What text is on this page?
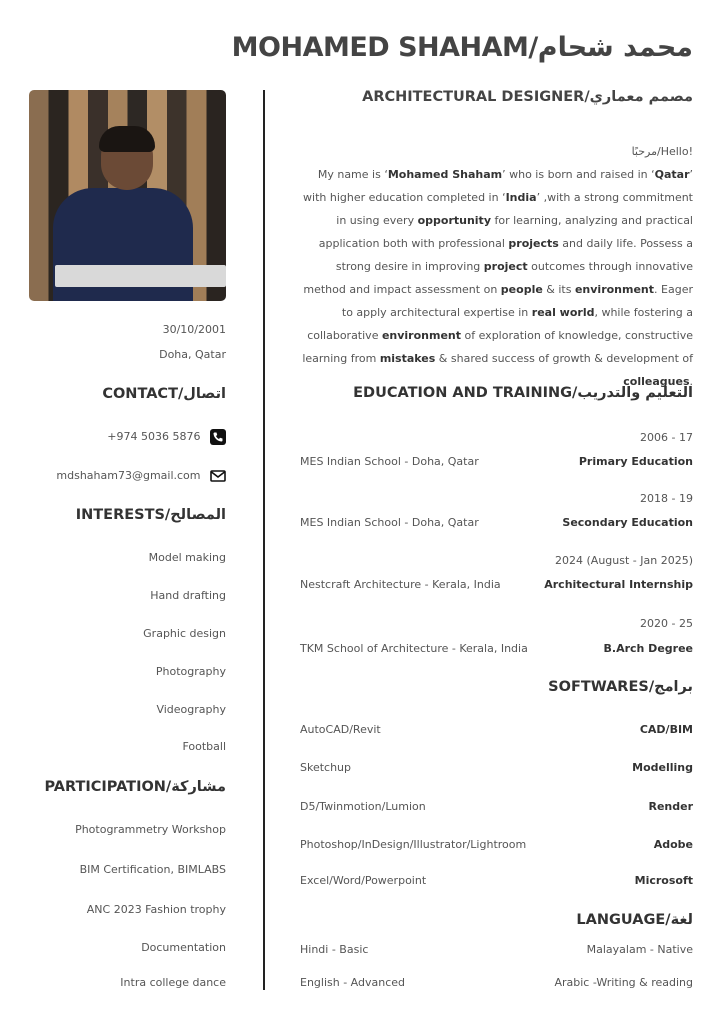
MOHAMED SHAHAM/محمد شحام
ARCHITECTURAL DESIGNER/مصمم معماري
30/10/2001
Doha, Qatar
CONTACT/اتصال
+974 5036 5876
mdshaham73@gmail.com
INTERESTS/المصالح
Model making
Hand drafting
Graphic design
Photography
Videography
Football
PARTICIPATION/مشاركة
Photogrammetry Workshop
BIM Certification, BIMLABS
ANC 2023 Fashion trophy
Documentation
Intra college dance
مرحبًا/Hello!
My name is ‘Mohamed Shaham’ who is born and raised in ‘Qatar’ with higher education completed in ‘India’ ,with a strong commitment in using every opportunity for learning, analyzing and practical application both with professional projects and daily life. Possess a strong desire in improving project outcomes through innovative method and impact assessment on people & its environment. Eager to apply architectural expertise in real world, while fostering a collaborative environment of exploration of knowledge, constructive learning from mistakes & shared success of growth & development of colleagues.
EDUCATION AND TRAINING/التعليم والتدريب
2006 - 17
MES Indian School - Doha, Qatar	Primary Education
2018 - 19
MES Indian School - Doha, Qatar	Secondary Education
2024 (August - Jan 2025)
Nestcraft Architecture - Kerala, India	Architectural Internship
2020 - 25
TKM School of Architecture - Kerala, India	B.Arch Degree
SOFTWARES/برامج
AutoCAD/Revit	CAD/BIM
Sketchup	Modelling
D5/Twinmotion/Lumion	Render
Photoshop/InDesign/Illustrator/Lightroom	Adobe
Excel/Word/Powerpoint	Microsoft
LANGUAGE/لغة
Hindi - Basic	Malayalam - Native
English - Advanced	Arabic -Writing & reading
